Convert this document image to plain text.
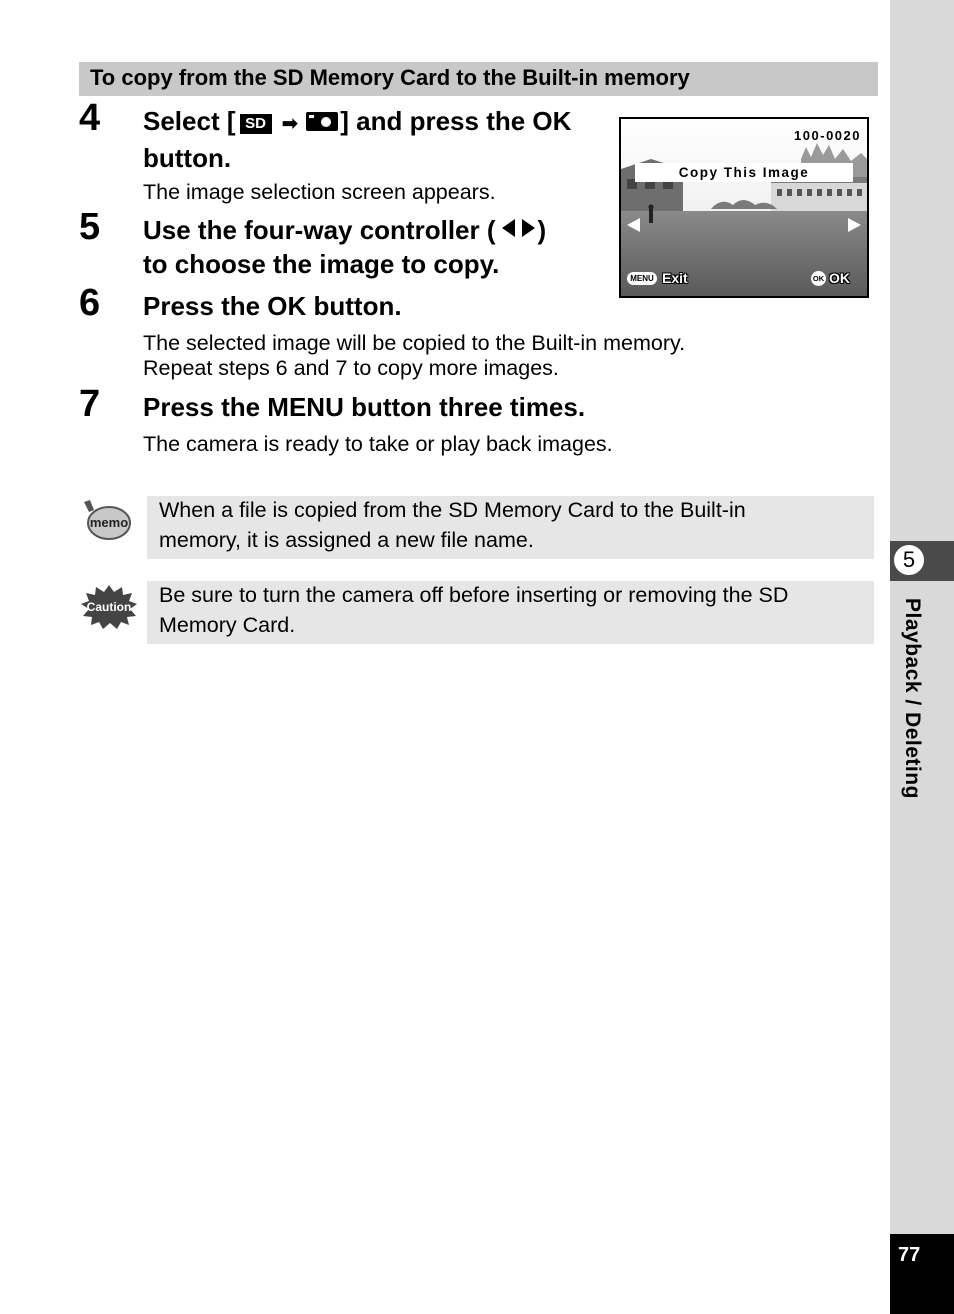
5
Playback / Deleting
77
To copy from the SD Memory Card to the Built-in memory
4 Select [ SD ➡ ] and press the OK
button.
The image selection screen appears.
5 Use the four-way controller ( )
to choose the image to copy.
6 Press the OK button.
The selected image will be copied to the Built-in memory.
Repeat steps 6 and 7 to copy more images.
7 Press the MENU button three times.
The camera is ready to take or play back images.
100-0020
Copy This Image
MENU Exit	OK OK
memo
When a file is copied from the SD Memory Card to the Built-in
memory, it is assigned a new file name.
Caution Be sure to turn the camera off before inserting or removing the SD
Memory Card.
